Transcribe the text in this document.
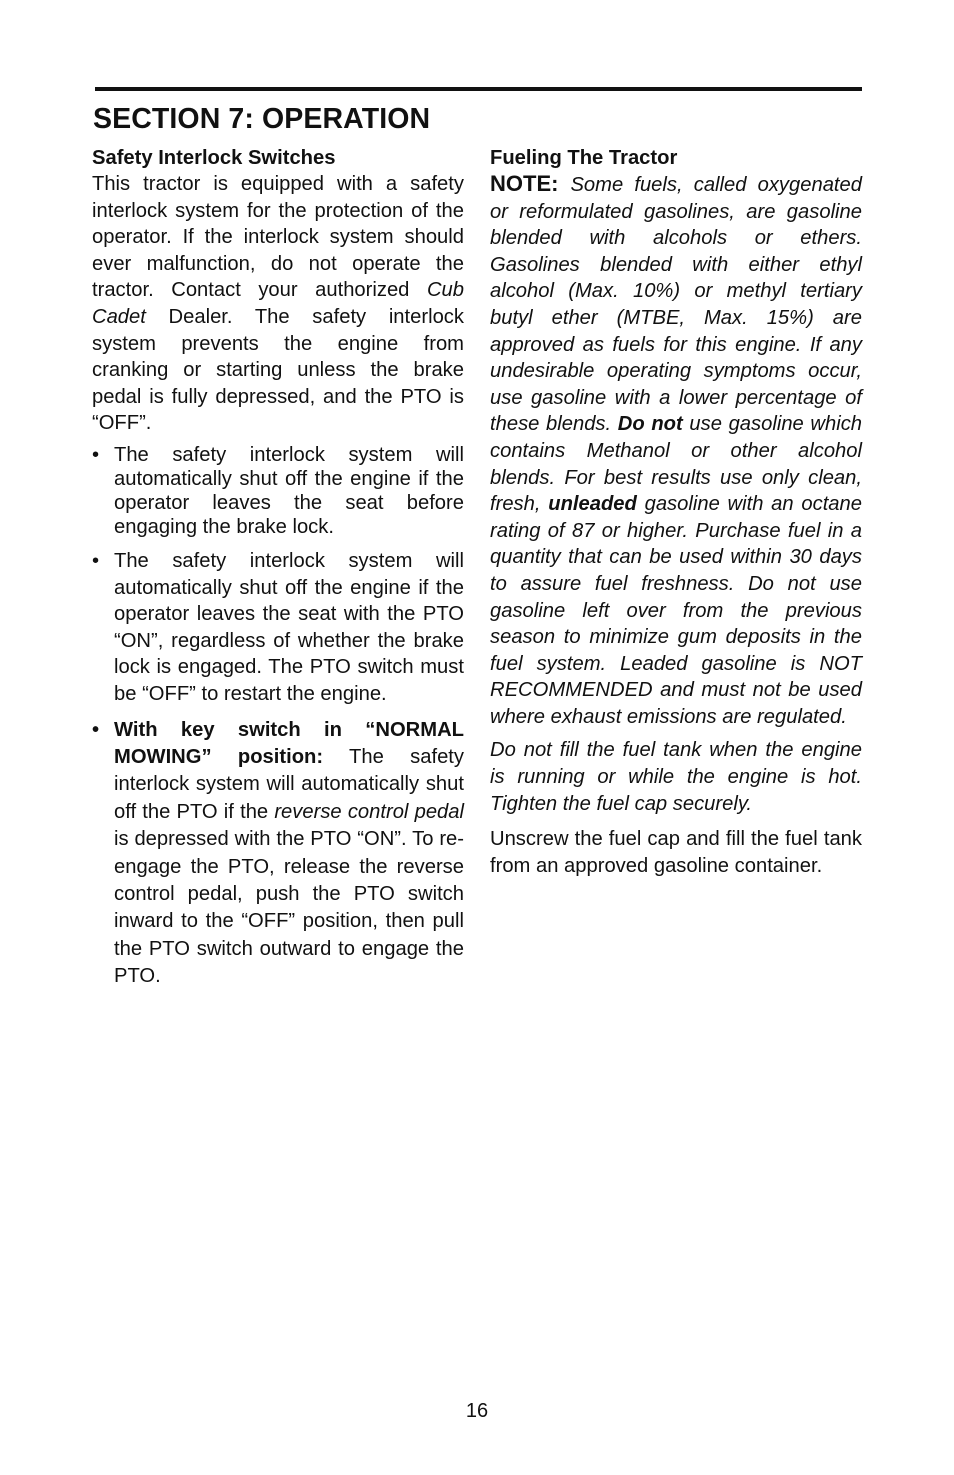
SECTION 7: OPERATION
Safety Interlock Switches

This tractor is equipped with a safety interlock system for the protection of the operator. If the interlock system should ever malfunction, do not operate the tractor. Contact your authorized Cub Cadet Dealer. The safety interlock system prevents the engine from cranking or starting unless the brake pedal is fully depressed, and the PTO is “OFF”.

• The safety interlock system will automatically shut off the engine if the operator leaves the seat before engaging the brake lock.
• The safety interlock system will automatically shut off the engine if the operator leaves the seat with the PTO “ON”, regardless of whether the brake lock is engaged. The PTO switch must be “OFF” to restart the engine.
• With key switch in “NORMAL MOWING” position: The safety interlock system will automatically shut off the PTO if the reverse control pedal is depressed with the PTO “ON”. To re-engage the PTO, release the reverse control pedal, push the PTO switch inward to the “OFF” position, then pull the PTO switch outward to engage the PTO.
Fueling The Tractor

NOTE: Some fuels, called oxygenated or reformulated gasolines, are gasoline blended with alcohols or ethers. Gasolines blended with either ethyl alcohol (Max. 10%) or methyl tertiary butyl ether (MTBE, Max. 15%) are approved as fuels for this engine. If any undesirable operating symptoms occur, use gasoline with a lower percentage of these blends. Do not use gasoline which contains Methanol or other alcohol blends. For best results use only clean, fresh, unleaded gasoline with an octane rating of 87 or higher. Purchase fuel in a quantity that can be used within 30 days to assure fuel freshness. Do not use gasoline left over from the previous season to minimize gum deposits in the fuel system. Leaded gasoline is NOT RECOMMENDED and must not be used where exhaust emissions are regulated.

Do not fill the fuel tank when the engine is running or while the engine is hot. Tighten the fuel cap securely.

Unscrew the fuel cap and fill the fuel tank from an approved gasoline container.

16
